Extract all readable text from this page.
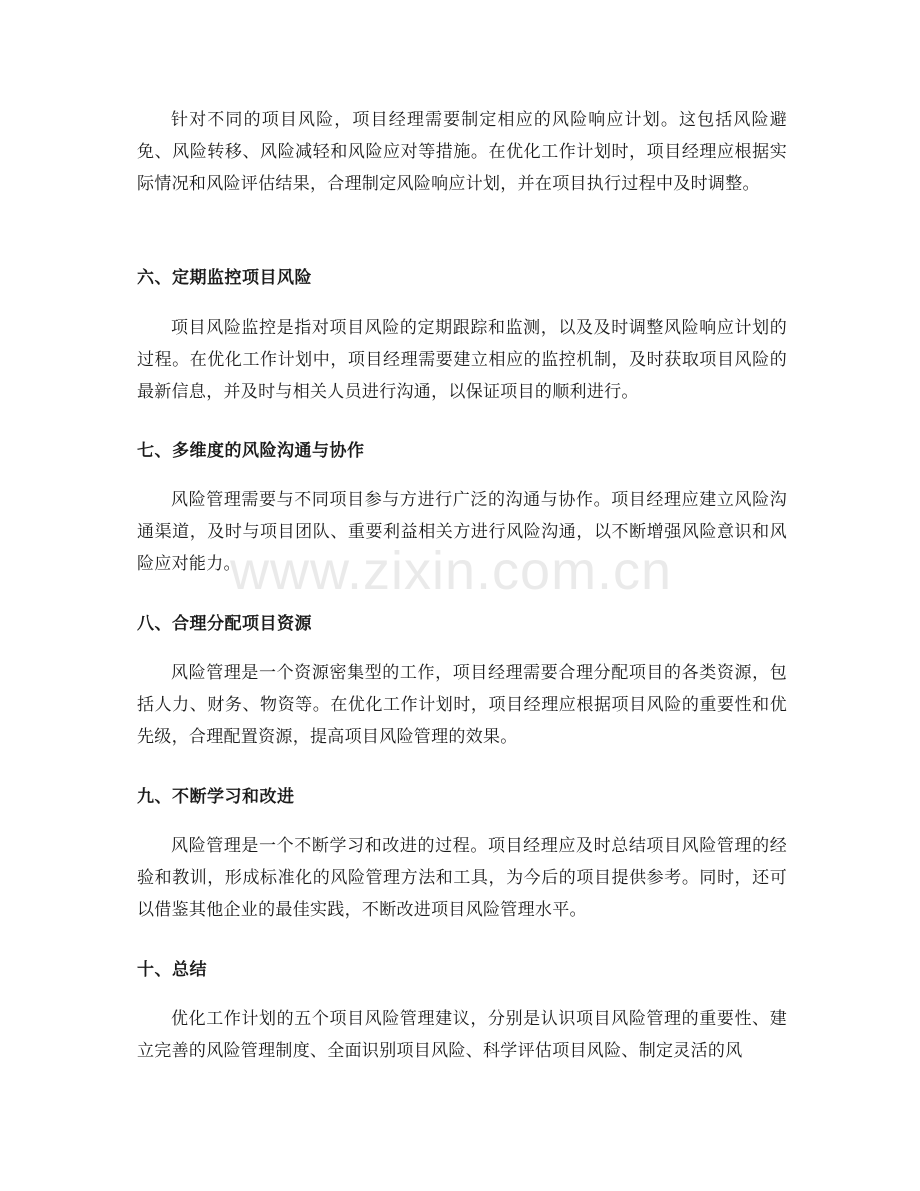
针对不同的项目风险，项目经理需要制定相应的风险响应计划。这包括风险避免、风险转移、风险减轻和风险应对等措施。在优化工作计划时，项目经理应根据实际情况和风险评估结果，合理制定风险响应计划，并在项目执行过程中及时调整。

六、定期监控项目风险

项目风险监控是指对项目风险的定期跟踪和监测，以及及时调整风险响应计划的过程。在优化工作计划中，项目经理需要建立相应的监控机制，及时获取项目风险的最新信息，并及时与相关人员进行沟通，以保证项目的顺利进行。

七、多维度的风险沟通与协作

风险管理需要与不同项目参与方进行广泛的沟通与协作。项目经理应建立风险沟通渠道，及时与项目团队、重要利益相关方进行风险沟通，以不断增强风险意识和风险应对能力。

八、合理分配项目资源

风险管理是一个资源密集型的工作，项目经理需要合理分配项目的各类资源，包括人力、财务、物资等。在优化工作计划时，项目经理应根据项目风险的重要性和优先级，合理配置资源，提高项目风险管理的效果。

九、不断学习和改进

风险管理是一个不断学习和改进的过程。项目经理应及时总结项目风险管理的经验和教训，形成标准化的风险管理方法和工具，为今后的项目提供参考。同时，还可以借鉴其他企业的最佳实践，不断改进项目风险管理水平。

十、总结

优化工作计划的五个项目风险管理建议，分别是认识项目风险管理的重要性、建立完善的风险管理制度、全面识别项目风险、科学评估项目风险、制定灵活的风

www.zixin.com.cn
